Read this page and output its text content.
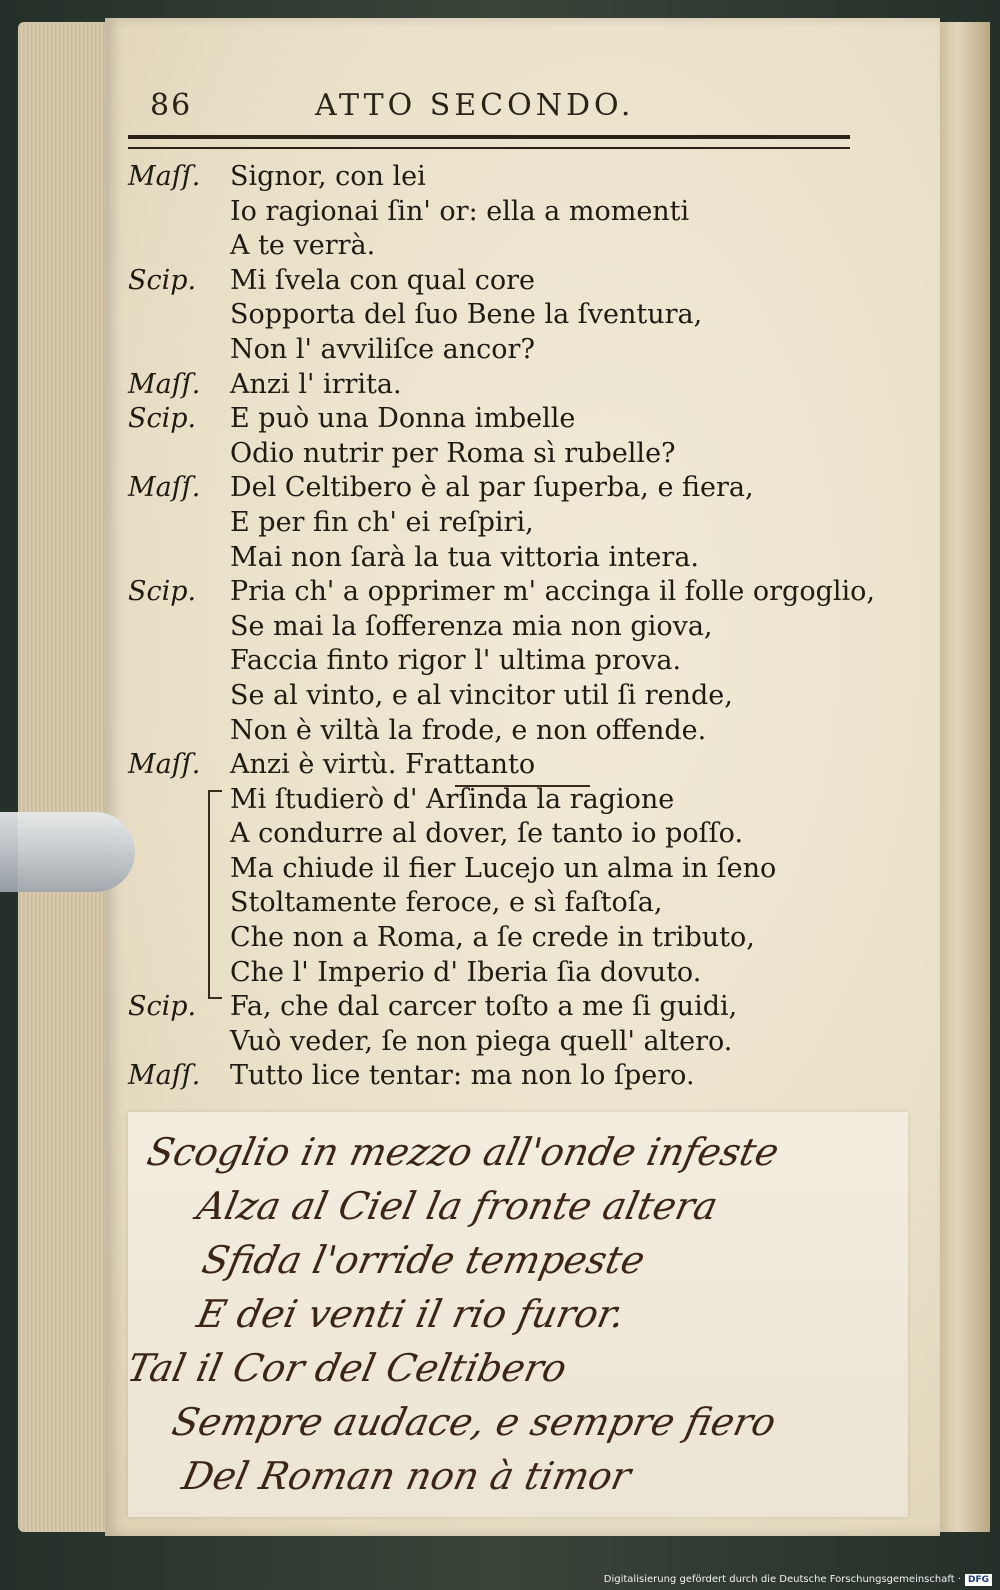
86	ATTO SECONDO.
Maſſ. Signor, con lei
Io ragionai ſin' or: ella a momenti
A te verrà.
Scip. Mi ſvela con qual core
Sopporta del ſuo Bene la ſventura,
Non l' avviliſce ancor?
Maſſ. Anzi l' irrita.
Scip. E può una Donna imbelle
Odio nutrir per Roma sì rubelle?
Maſſ. Del Celtibero è al par ſuperba, e fiera,
E per fin ch' ei reſpiri,
Mai non ſarà la tua vittoria intera.
Scip. Pria ch' a opprimer m' accinga il folle orgoglio,
Se mai la ſofferenza mia non giova,
Faccia finto rigor l' ultima prova.
Se al vinto, e al vincitor util ſi rende,
Non è viltà la frode, e non offende.
Maſſ. Anzi è virtù. Frattanto
Mi ſtudierò d' Arſinda la ragione
A condurre al dover, ſe tanto io poſſo.
Ma chiude il fier Lucejo un alma in ſeno
Stoltamente feroce, e sì faſtoſa,
Che non a Roma, a ſe crede in tributo,
Che l' Imperio d' Iberia ſia dovuto.
Scip. Fa, che dal carcer toſto a me ſi guidi,
Vuò veder, ſe non piega quell' altero.
Maſſ. Tutto lice tentar: ma non lo ſpero.
Scoglio in mezzo all'onde infeste
Alza al Ciel la fronte altera
Sfida l'orride tempeste
E dei venti il rio furor.
Tal il Cor del Celtibero
Sempre audace, e sempre fiero
Del Roman non à timor
Digitalisierung gefördert durch die Deutsche Forschungsgemeinschaft · DFG
